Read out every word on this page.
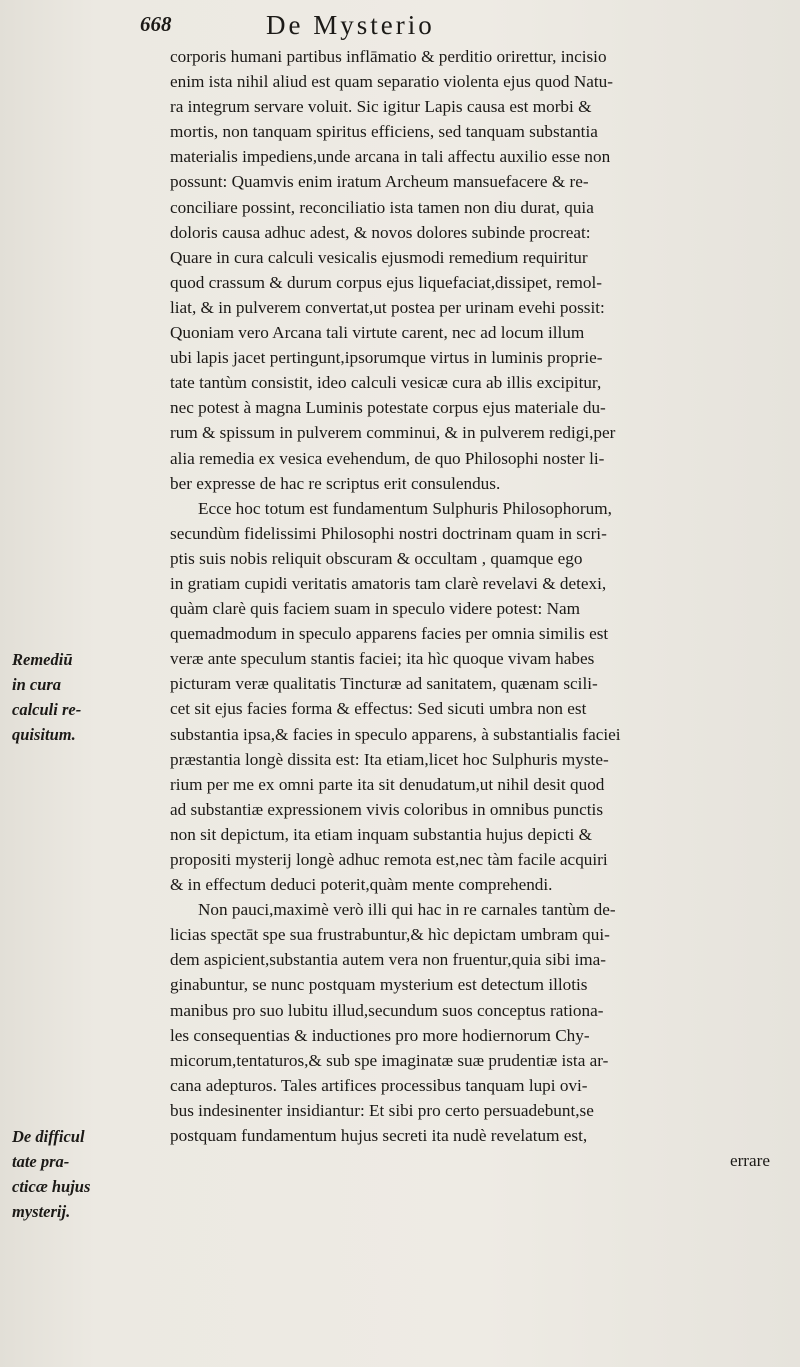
668	De Mysterio
Remediū
in cura
calculi re-
quisitum.
De difficul
tate pra-
cticæ hujus
mysterij.
corporis humani partibus inflāmatio & perditio orirettur, incisio
enim ista nihil aliud est quam separatio violenta ejus quod Natu-
ra integrum servare voluit. Sic igitur Lapis causa est morbi &
mortis, non tanquam spiritus efficiens, sed tanquam substantia
materialis impediens,unde arcana in tali affectu auxilio esse non
possunt: Quamvis enim iratum Archeum mansuefacere & re-
conciliare possint, reconciliatio ista tamen non diu durat, quia
doloris causa adhuc adest, & novos dolores subinde procreat:
Quare in cura calculi vesicalis ejusmodi remedium requiritur
quod crassum & durum corpus ejus liquefaciat,dissipet, remol-
liat, & in pulverem convertat,ut postea per urinam evehi possit:
Quoniam vero Arcana tali virtute carent, nec ad locum illum
ubi lapis jacet pertingunt,ipsorumque virtus in luminis proprie-
tate tantùm consistit, ideo calculi vesicæ cura ab illis excipitur,
nec potest à magna Luminis potestate corpus ejus materiale du-
rum & spissum in pulverem comminui, & in pulverem redigi,per
alia remedia ex vesica evehendum, de quo Philosophi noster li-
ber expresse de hac re scriptus erit consulendus.
Ecce hoc totum est fundamentum Sulphuris Philosophorum,
secundùm fidelissimi Philosophi nostri doctrinam quam in scri-
ptis suis nobis reliquit obscuram & occultam , quamque ego
in gratiam cupidi veritatis amatoris tam clarè revelavi & detexi,
quàm clarè quis faciem suam in speculo videre potest: Nam
quemadmodum in speculo apparens facies per omnia similis est
veræ ante speculum stantis faciei; ita hìc quoque vivam habes
picturam veræ qualitatis Tincturæ ad sanitatem, quænam scili-
cet sit ejus facies forma & effectus: Sed sicuti umbra non est
substantia ipsa,& facies in speculo apparens, à substantialis faciei
præstantia longè dissita est: Ita etiam,licet hoc Sulphuris myste-
rium per me ex omni parte ita sit denudatum,ut nihil desit quod
ad substantiæ expressionem vivis coloribus in omnibus punctis
non sit depictum, ita etiam inquam substantia hujus depicti &
propositi mysterij longè adhuc remota est,nec tàm facile acquiri
& in effectum deduci poterit,quàm mente comprehendi.
Non pauci,maximè verò illi qui hac in re carnales tantùm de-
licias spectāt spe sua frustrabuntur,& hìc depictam umbram qui-
dem aspicient,substantia autem vera non fruentur,quia sibi ima-
ginabuntur, se nunc postquam mysterium est detectum illotis
manibus pro suo lubitu illud,secundum suos conceptus rationa-
les consequentias & inductiones pro more hodiernorum Chy-
micorum,tentaturos,& sub spe imaginatæ suæ prudentiæ ista ar-
cana adepturos. Tales artifices processibus tanquam lupi ovi-
bus indesinenter insidiantur: Et sibi pro certo persuadebunt,se
postquam fundamentum hujus secreti ita nudè revelatum est,
errare
